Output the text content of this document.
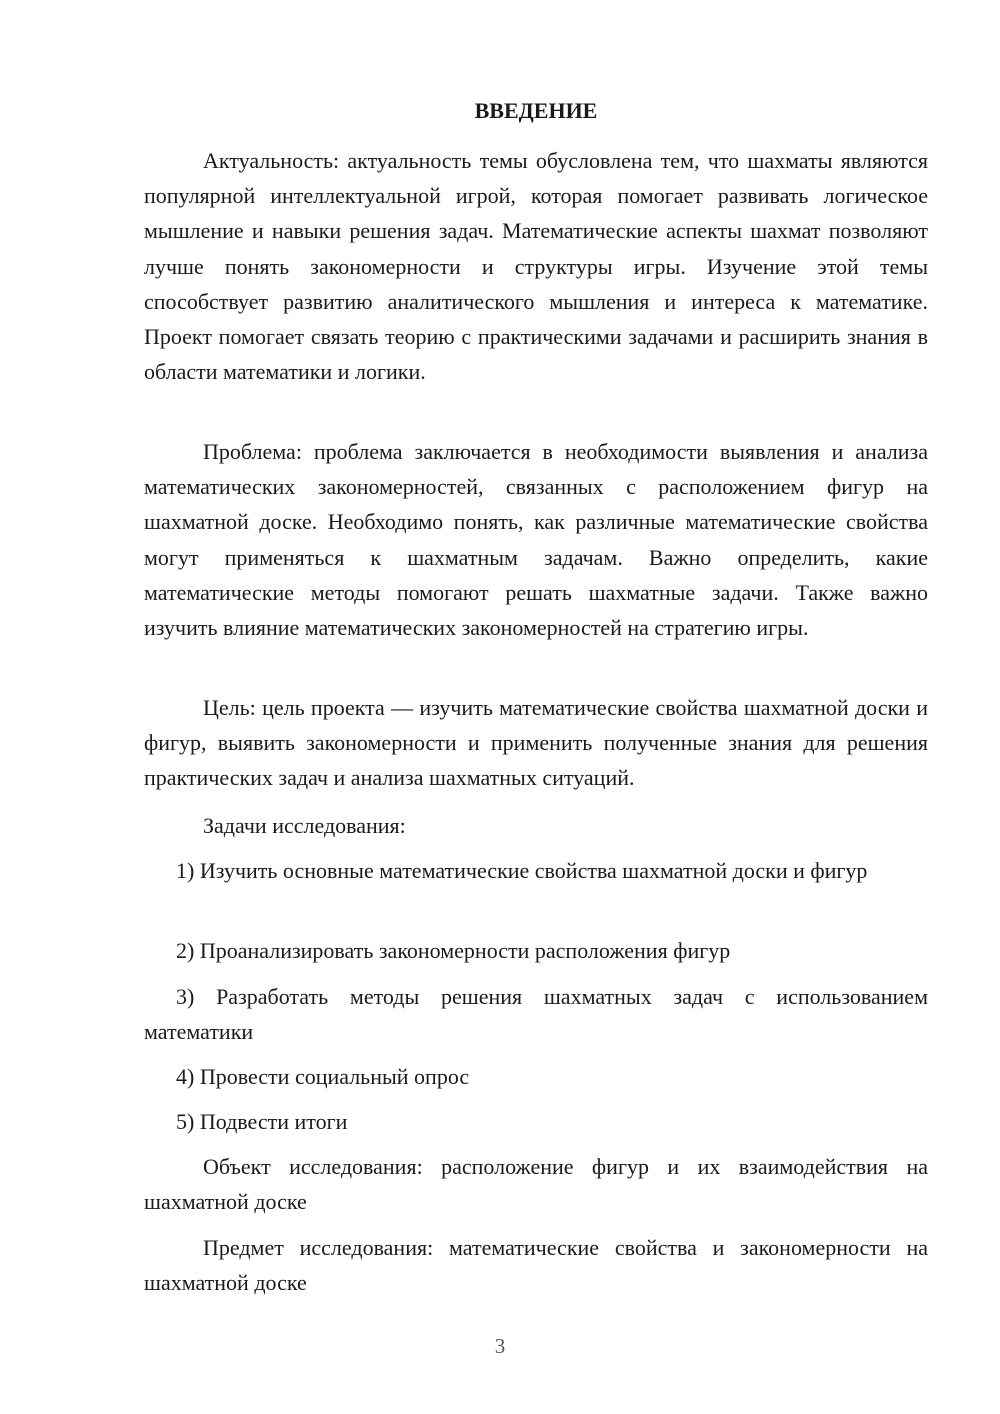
ВВЕДЕНИЕ

Актуальность: актуальность темы обусловлена тем, что шахматы являются популярной интеллектуальной игрой, которая помогает развивать логическое мышление и навыки решения задач. Математические аспекты шахмат позволяют лучше понять закономерности и структуры игры. Изучение этой темы способствует развитию аналитического мышления и интереса к математике. Проект помогает связать теорию с практическими задачами и расширить знания в области математики и логики.

Проблема: проблема заключается в необходимости выявления и анализа математических закономерностей, связанных с расположением фигур на шахматной доске. Необходимо понять, как различные математические свойства могут применяться к шахматным задачам. Важно определить, какие математические методы помогают решать шахматные задачи. Также важно изучить влияние математических закономерностей на стратегию игры.

Цель: цель проекта — изучить математические свойства шахматной доски и фигур, выявить закономерности и применить полученные знания для решения практических задач и анализа шахматных ситуаций.

Задачи исследования:

1) Изучить основные математические свойства шахматной доски и фигур

2) Проанализировать закономерности расположения фигур

3) Разработать методы решения шахматных задач с использованием математики

4) Провести социальный опрос

5) Подвести итоги

Объект исследования: расположение фигур и их взаимодействия на шахматной доске

Предмет исследования: математические свойства и закономерности на шахматной доске

3
